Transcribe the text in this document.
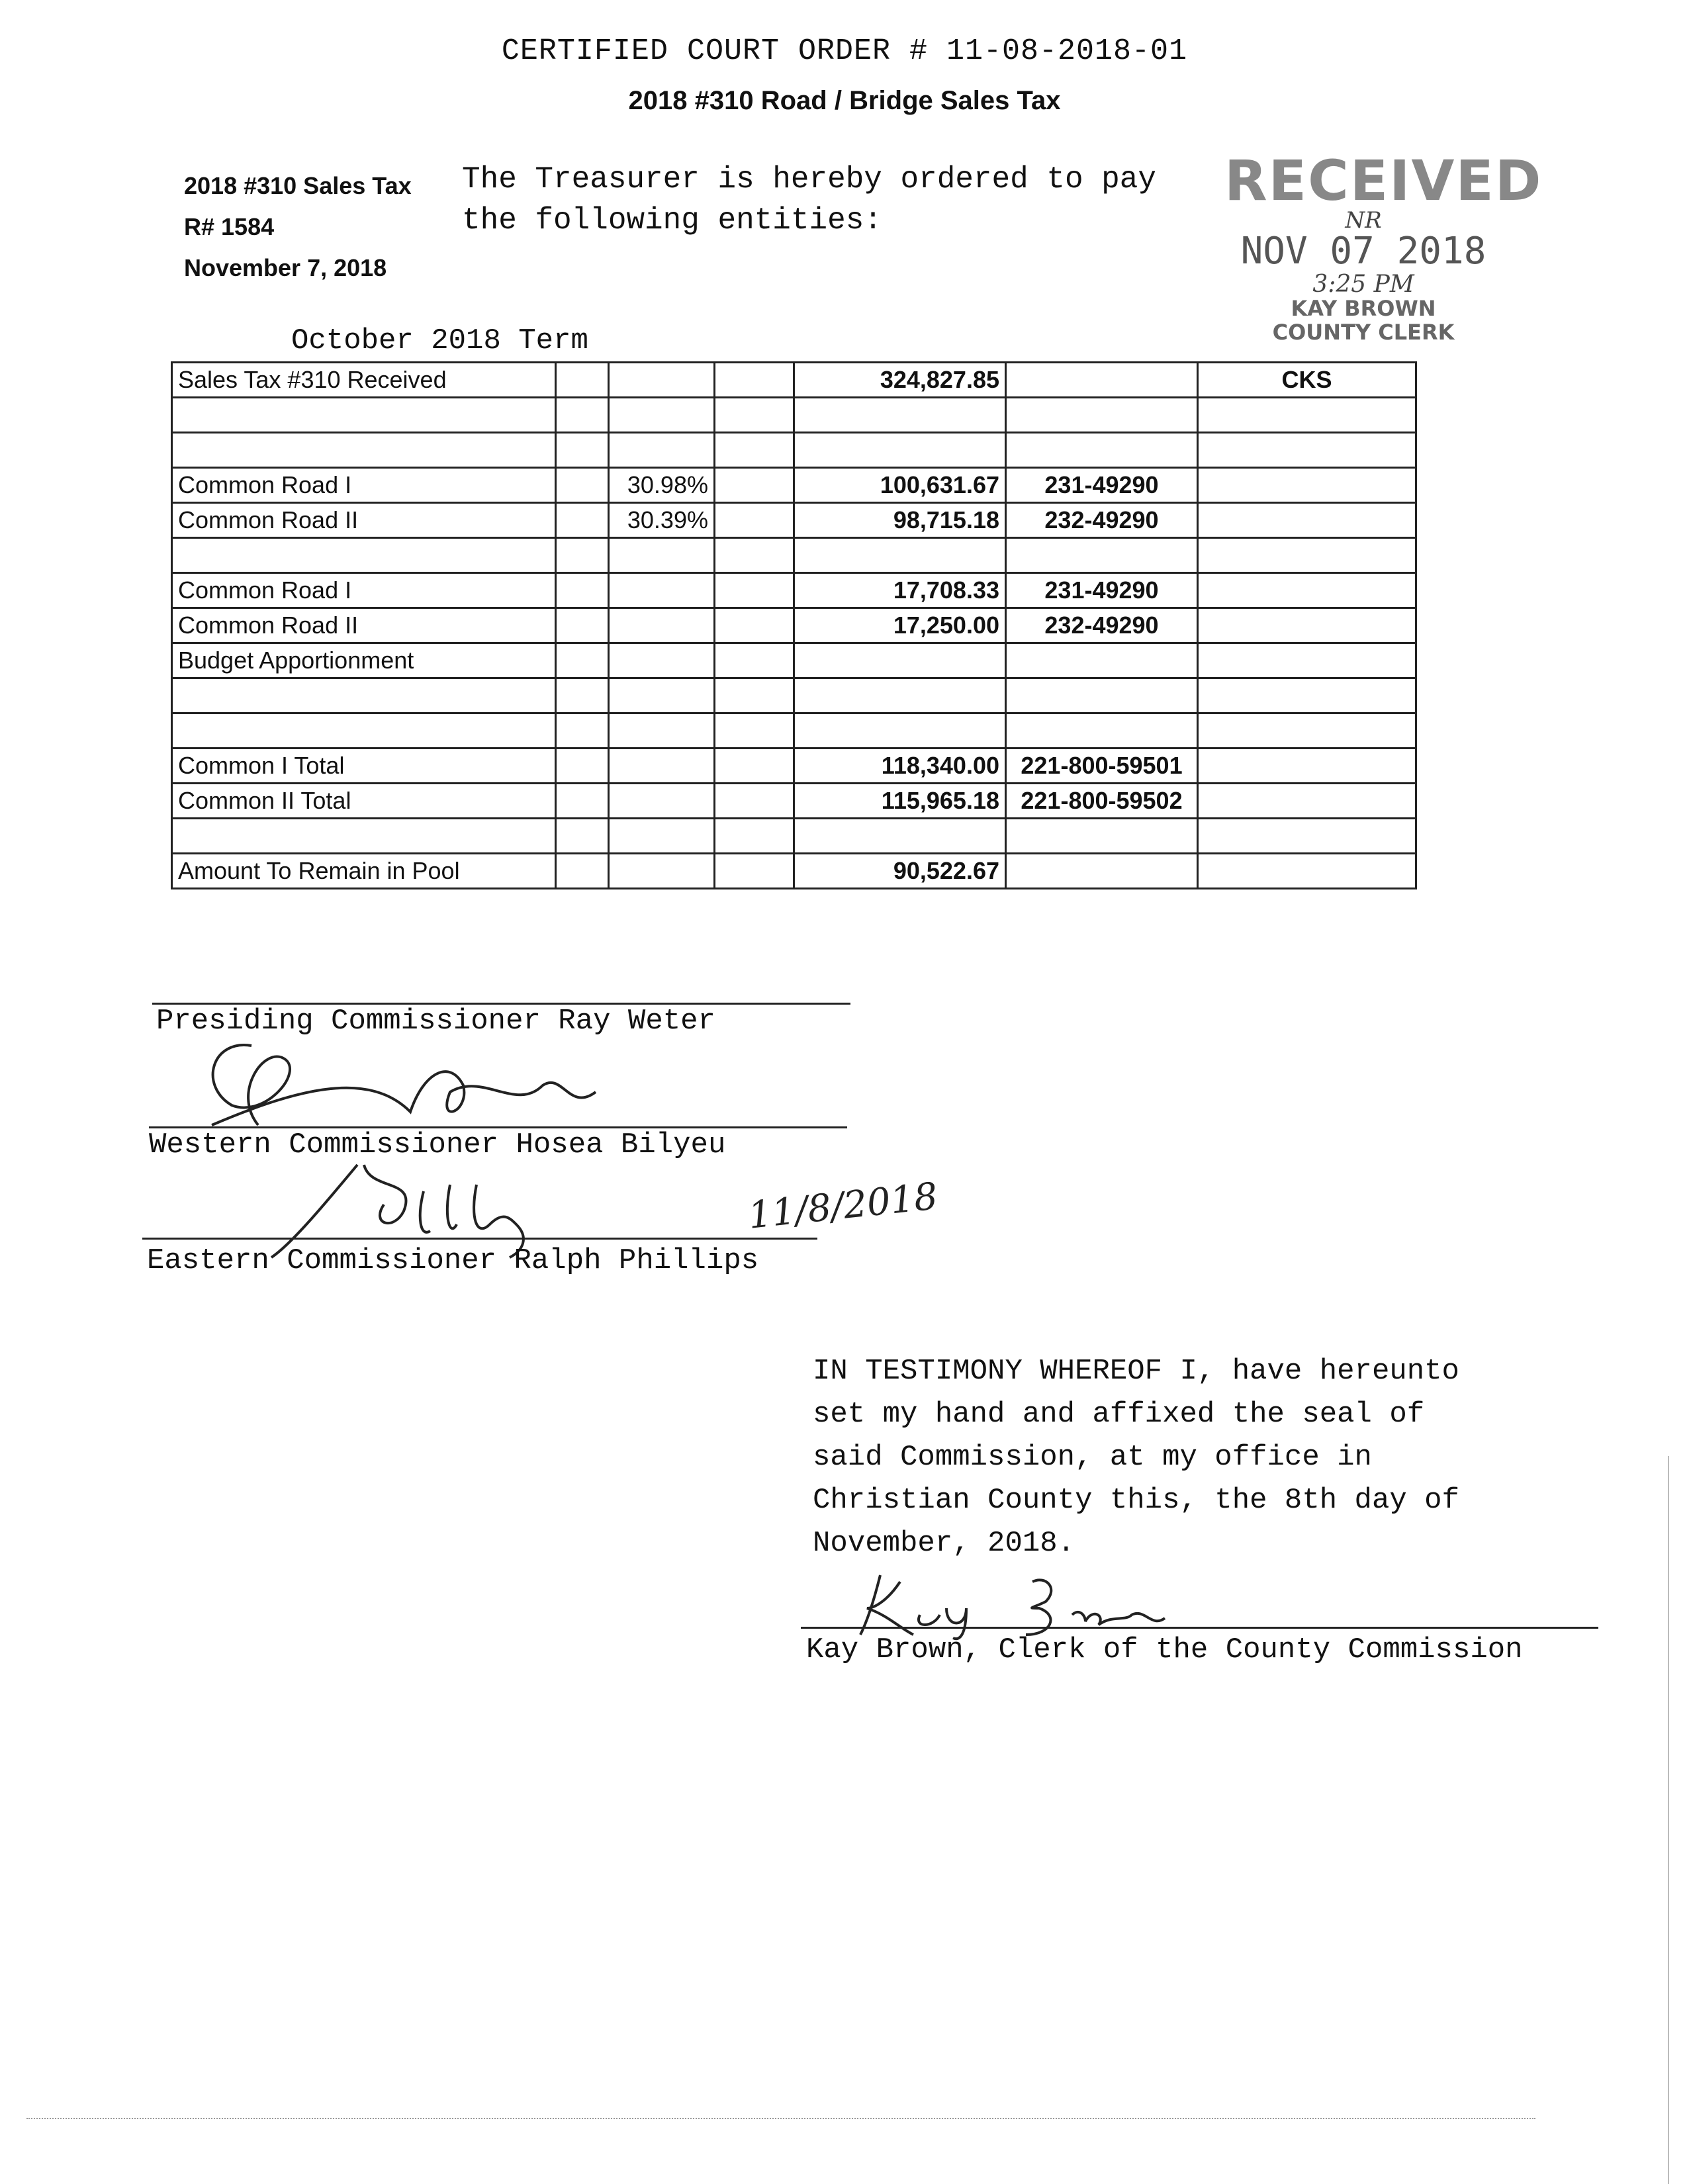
CERTIFIED COURT ORDER # 11-08-2018-01
2018 #310 Road / Bridge Sales Tax
2018 #310 Sales Tax
R# 1584
November 7, 2018
The Treasurer is hereby ordered to pay
the following entities:
RECEIVED
NR
NOV 07 2018
3:25 PM
KAY BROWN
COUNTY CLERK
October 2018 Term
Sales Tax #310 Received				324,827.85		CKS

Common Road I		30.98%		100,631.67	231-49290	
Common Road II		30.39%		98,715.18	232-49290	

Common Road I				17,708.33	231-49290	
Common Road II				17,250.00	232-49290	
Budget Apportionment						

Common I Total				118,340.00	221-800-59501	
Common II Total				115,965.18	221-800-59502	

Amount To Remain in Pool				90,522.67		
Presiding Commissioner Ray Weter
Western Commissioner Hosea Bilyeu
11/8/2018
Eastern Commissioner Ralph Phillips
IN TESTIMONY WHEREOF I, have hereunto
set my hand and affixed the seal of
said Commission, at my office in
Christian County this, the 8th day of
November, 2018.
Kay Brown, Clerk of the County Commission
